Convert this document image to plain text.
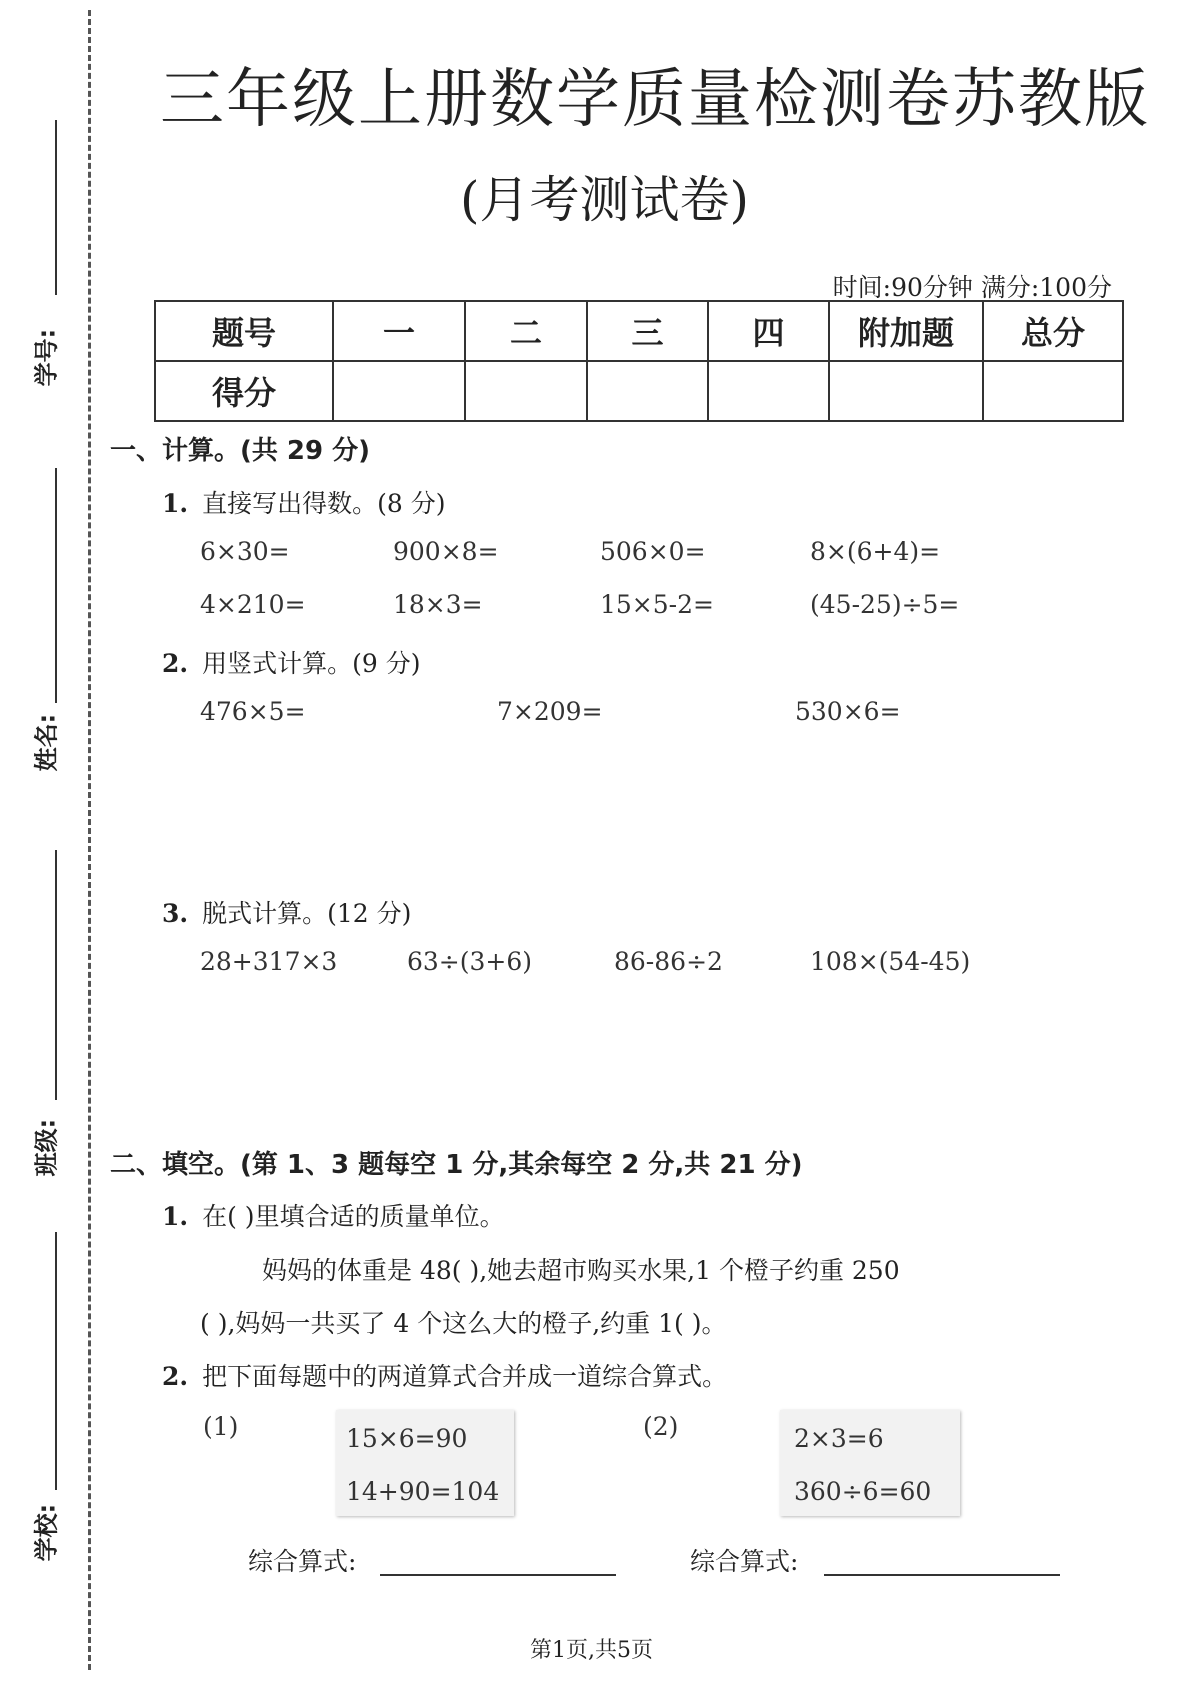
学号:
姓名:
班级:
学校:
三年级上册数学质量检测卷苏教版
(月考测试卷)
时间:90分钟 满分:100分
题号	一	二	三	四	附加题	总分
得分						
一、计算。(共 29 分)
1. 直接写出得数。(8 分)
6×30=	900×8=	506×0=	8×(6+4)=
4×210=	18×3=	15×5-2=	(45-25)÷5=
2. 用竖式计算。(9 分)
476×5=	7×209=	530×6=
3. 脱式计算。(12 分)
28+317×3	63÷(3+6)	86-86÷2	108×(54-45)
二、填空。(第 1、3 题每空 1 分,其余每空 2 分,共 21 分)
1. 在( )里填合适的质量单位。
妈妈的体重是 48( ),她去超市购买水果,1 个橙子约重 250
( ),妈妈一共买了 4 个这么大的橙子,约重 1( )。
2. 把下面每题中的两道算式合并成一道综合算式。
(1)	15×6=90
14+90=104
(2)	2×3=6
360÷6=60
综合算式:	综合算式:
第1页,共5页
